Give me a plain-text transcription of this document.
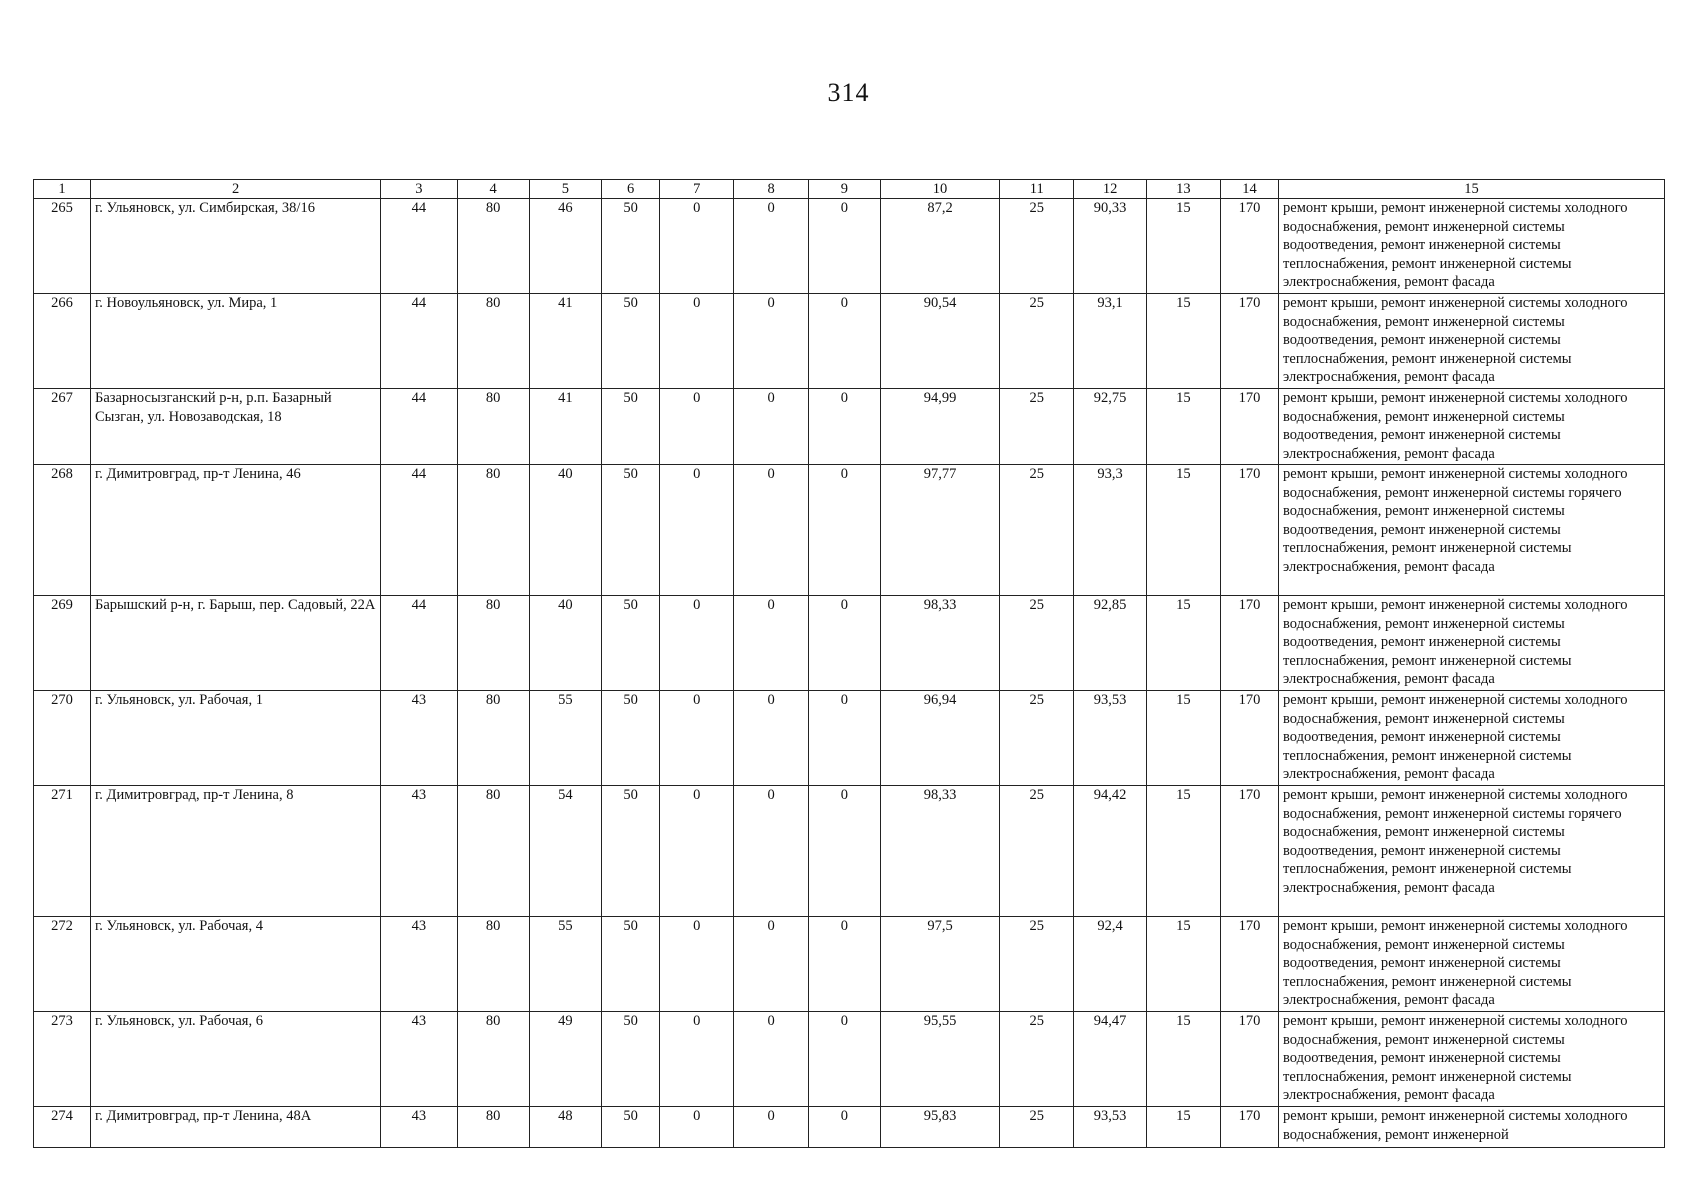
314
1	2	3	4	5	6	7	8	9	10	11	12	13	14	15
265	г. Ульяновск, ул. Симбирская, 38/16	44	80	46	50	0	0	0	87,2	25	90,33	15	170	ремонт крыши, ремонт инженерной системы холодного водоснабжения, ремонт инженерной системы водоотведения, ремонт инженерной системы теплоснабжения, ремонт инженерной системы электроснабжения, ремонт фасада
266	г. Новоульяновск, ул. Мира, 1	44	80	41	50	0	0	0	90,54	25	93,1	15	170	ремонт крыши, ремонт инженерной системы холодного водоснабжения, ремонт инженерной системы водоотведения, ремонт инженерной системы теплоснабжения, ремонт инженерной системы электроснабжения, ремонт фасада
267	Базарносызганский р-н, р.п. Базарный Сызган, ул. Новозаводская, 18	44	80	41	50	0	0	0	94,99	25	92,75	15	170	ремонт крыши, ремонт инженерной системы холодного водоснабжения, ремонт инженерной системы водоотведения, ремонт инженерной системы электроснабжения, ремонт фасада
268	г. Димитровград, пр-т Ленина, 46	44	80	40	50	0	0	0	97,77	25	93,3	15	170	ремонт крыши, ремонт инженерной системы холодного водоснабжения, ремонт инженерной системы горячего водоснабжения, ремонт инженерной системы водоотведения, ремонт инженерной системы теплоснабжения, ремонт инженерной системы электроснабжения, ремонт фасада
269	Барышский р-н, г. Барыш, пер. Садовый, 22А	44	80	40	50	0	0	0	98,33	25	92,85	15	170	ремонт крыши, ремонт инженерной системы холодного водоснабжения, ремонт инженерной системы водоотведения, ремонт инженерной системы теплоснабжения, ремонт инженерной системы электроснабжения, ремонт фасада
270	г. Ульяновск, ул. Рабочая, 1	43	80	55	50	0	0	0	96,94	25	93,53	15	170	ремонт крыши, ремонт инженерной системы холодного водоснабжения, ремонт инженерной системы водоотведения, ремонт инженерной системы теплоснабжения, ремонт инженерной системы электроснабжения, ремонт фасада
271	г. Димитровград, пр-т Ленина, 8	43	80	54	50	0	0	0	98,33	25	94,42	15	170	ремонт крыши, ремонт инженерной системы холодного водоснабжения, ремонт инженерной системы горячего водоснабжения, ремонт инженерной системы водоотведения, ремонт инженерной системы теплоснабжения, ремонт инженерной системы электроснабжения, ремонт фасада
272	г. Ульяновск, ул. Рабочая, 4	43	80	55	50	0	0	0	97,5	25	92,4	15	170	ремонт крыши, ремонт инженерной системы холодного водоснабжения, ремонт инженерной системы водоотведения, ремонт инженерной системы теплоснабжения, ремонт инженерной системы электроснабжения, ремонт фасада
273	г. Ульяновск, ул. Рабочая, 6	43	80	49	50	0	0	0	95,55	25	94,47	15	170	ремонт крыши, ремонт инженерной системы холодного водоснабжения, ремонт инженерной системы водоотведения, ремонт инженерной системы теплоснабжения, ремонт инженерной системы электроснабжения, ремонт фасада
274	г. Димитровград, пр-т Ленина, 48А	43	80	48	50	0	0	0	95,83	25	93,53	15	170	ремонт крыши, ремонт инженерной системы холодного водоснабжения, ремонт инженерной
